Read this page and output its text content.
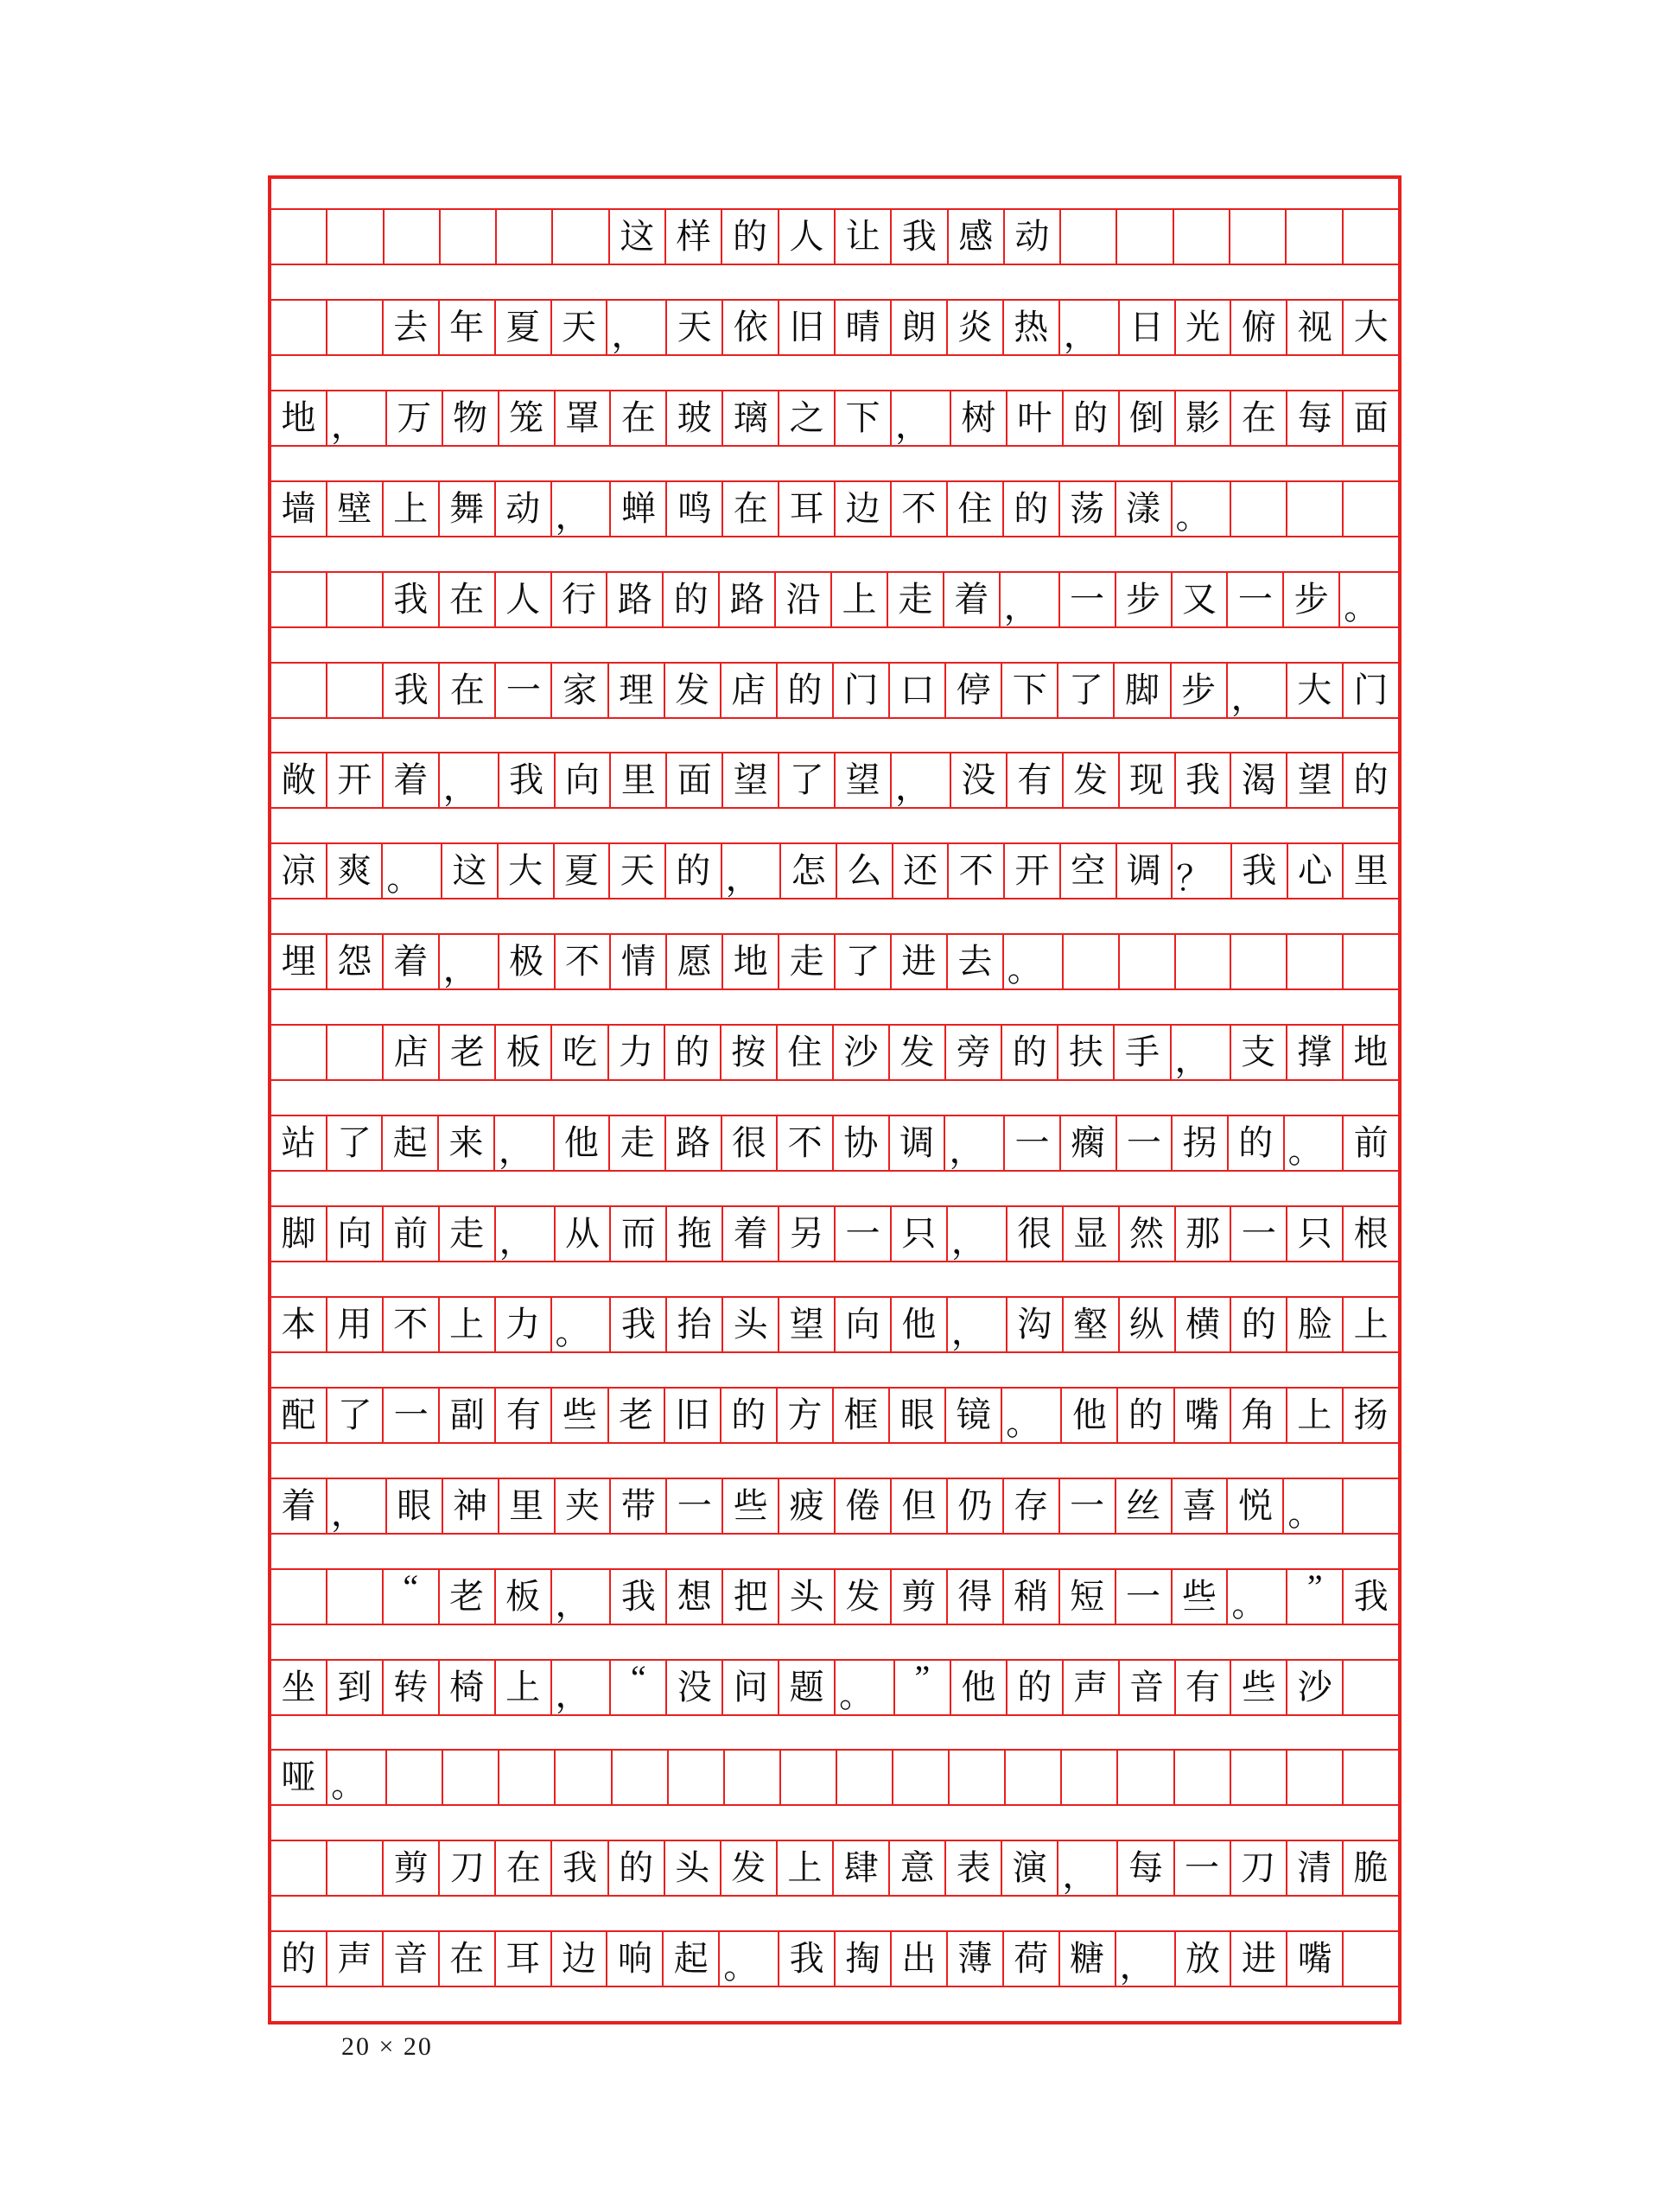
这 样 的 人 让 我 感 动
去 年 夏 天 ， 天 依 旧 晴 朗 炎 热 ， 日 光 俯 视 大
地 ， 万 物 笼 罩 在 玻 璃 之 下 ， 树 叶 的 倒 影 在 每 面
墙 壁 上 舞 动 ， 蝉 鸣 在 耳 边 不 住 的 荡 漾 。
我 在 人 行 路 的 路 沿 上 走 着 ， 一 步 又 一 步 。
我 在 一 家 理 发 店 的 门 口 停 下 了 脚 步 ， 大 门
敞 开 着 ， 我 向 里 面 望 了 望 ， 没 有 发 现 我 渴 望 的
凉 爽 。 这 大 夏 天 的 ， 怎 么 还 不 开 空 调 ？ 我 心 里
埋 怨 着 ， 极 不 情 愿 地 走 了 进 去 。
店 老 板 吃 力 的 按 住 沙 发 旁 的 扶 手 ， 支 撑 地
站 了 起 来 ， 他 走 路 很 不 协 调 ， 一 瘸 一 拐 的 。 前
脚 向 前 走 ， 从 而 拖 着 另 一 只 ， 很 显 然 那 一 只 根
本 用 不 上 力 。 我 抬 头 望 向 他 ， 沟 壑 纵 横 的 脸 上
配 了 一 副 有 些 老 旧 的 方 框 眼 镜 。 他 的 嘴 角 上 扬
着 ， 眼 神 里 夹 带 一 些 疲 倦 但 仍 存 一 丝 喜 悦 。
“ 老 板 ， 我 想 把 头 发 剪 得 稍 短 一 些 。	” 我
坐 到 转 椅 上 ，	“ 没 问 题 。	” 他 的 声 音 有 些 沙
哑 。
剪 刀 在 我 的 头 发 上 肆 意 表 演 ， 每 一 刀 清 脆
的 声 音 在 耳 边 响 起 。 我 掏 出 薄 荷 糖 ， 放 进 嘴
20 × 20
